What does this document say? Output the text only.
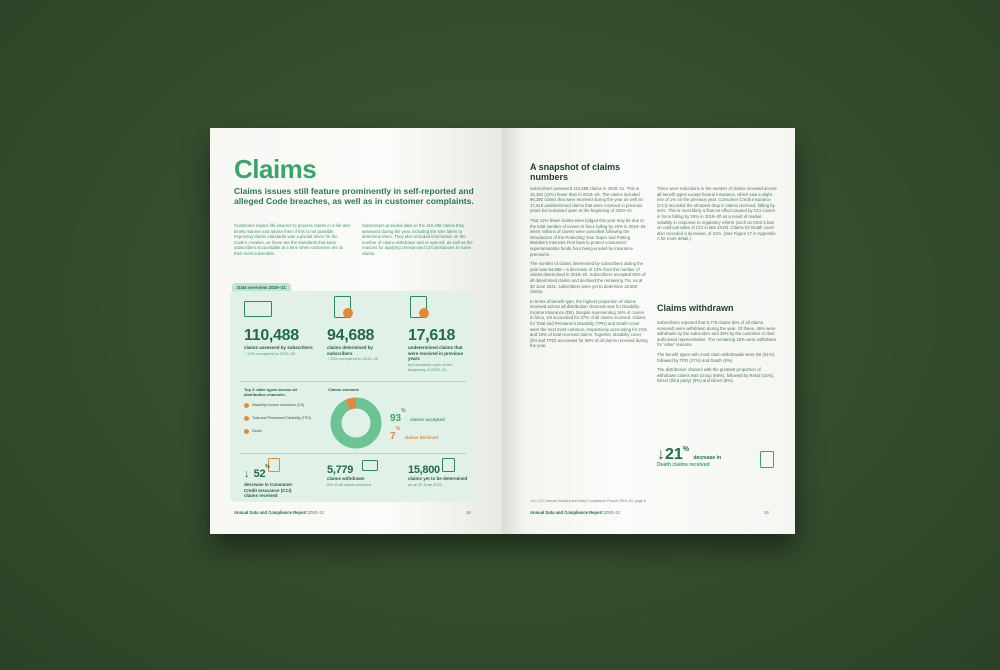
Claims
Claims issues still feature prominently in self-reported and alleged Code breaches, as well as in customer complaints.
Customers expect life insurers to process claims in a fair and timely manner and advise them if this is not possible. Improving claims standards was a pivotal driver for the Code’s creation, as these are the standards that keep subscribers accountable at a time when customers are at their most vulnerable.
Subscribers provided data on the 110,488 claims they assessed during the year, including the time taken to determine them. They also included information on the number of claims withdrawn and re-opened, as well as the reasons for applying Unexpected Circumstances to some claims.
Data overview 2020–21
110,488
claims assessed by subscribers
↓ 12% compared to 2019–20
94,688
claims determined by subscribers
↓ 13% compared to 2019–20
17,618
undetermined claims that were received in previous years
but remained open at the beginning of 2020–21
Top 3 claim types across all distribution channels:
Disability Income Insurance (DII)
Total and Permanent Disability (TPD)
Death
Claims outcome
93% claims accepted
7% claims declined
↓ 52%
decrease in Consumer Credit Insurance (CCI) claims received
5,779
claims withdrawn
6% of all claims received
15,800
claims yet to be determined
as at 30 June 2021
Annual Data and Compliance Report 2020–21	18
A snapshot of claims numbers

Subscribers assessed 110,488 claims in 2020–21. This is 15,392 (12%) fewer than in 2019–20. The claims included 96,380 claims that were received during the year as well as 17,618 undetermined claims that were received in previous years but remained open at the beginning of 2020–21.

That 12% fewer claims were lodged this year may be due to the total number of covers in force falling by 20% in 2019–20, when millions of covers were cancelled following the introduction of the Protecting Your Super and Putting Members Interests First laws to protect consumers’ superannuation funds from being eroded by insurance premiums.

The number of claims determined by subscribers during the year was 94,688 – a decrease of 13% from the number of claims determined in 2019–20. Subscribers accepted 93% of all determined claims and declined the remaining 7%. As at 30 June 2021, subscribers were yet to determine 15,800 claims.

In terms of benefit type, the highest proportion of claims received across all distribution channels was for Disability Income Insurance (DII). Despite representing 16% of covers in force, DII accounted for 37% of all claims received. Claims for Total and Permanent Disability (TPD) and Death cover were the next most common, respectively accounting for 21% and 16% of total received claims. Together, disability cover (DII and TPD) accounted for 58% of all claims received during the year.

There were reductions in the number of claims received across all benefit types except funeral insurance, which saw a slight rise of 1% on the previous year. Consumer Credit Insurance (CCI) recorded the sharpest drop in claims received, falling by 52%. This is most likely a flow-on effect caused by CCI covers in force falling by 25% in 2019–20 as a result of market volatility in response to regulatory reform (such as ASIC’s ban on cold-call sales of CCI in late 2019). Claims for Death cover also recorded a decrease, of 21%. (See Figure 17 in Appendix A for more detail.)

Claims withdrawn

Subscribers reported that 5,779 claims (6% of all claims received) were withdrawn during the year. Of these, 46% were withdrawn by the subscriber and 39% by the customer or their authorised representative. The remaining 15% were withdrawn for ‘other’ reasons.

The benefit types with most claim withdrawals were DII (51%), followed by TPD (27%) and Death (9%).

The distribution channel with the greatest proportion of withdrawn claims was Group (66%), followed by Retail (15%), Direct (third party) (9%) and Direct (8%).

↓21% decrease in
Death claims received
14 LCCC Annual Industry and Data Compliance Report 2019–20, page 6
Annual Data and Compliance Report 2020–21	19
